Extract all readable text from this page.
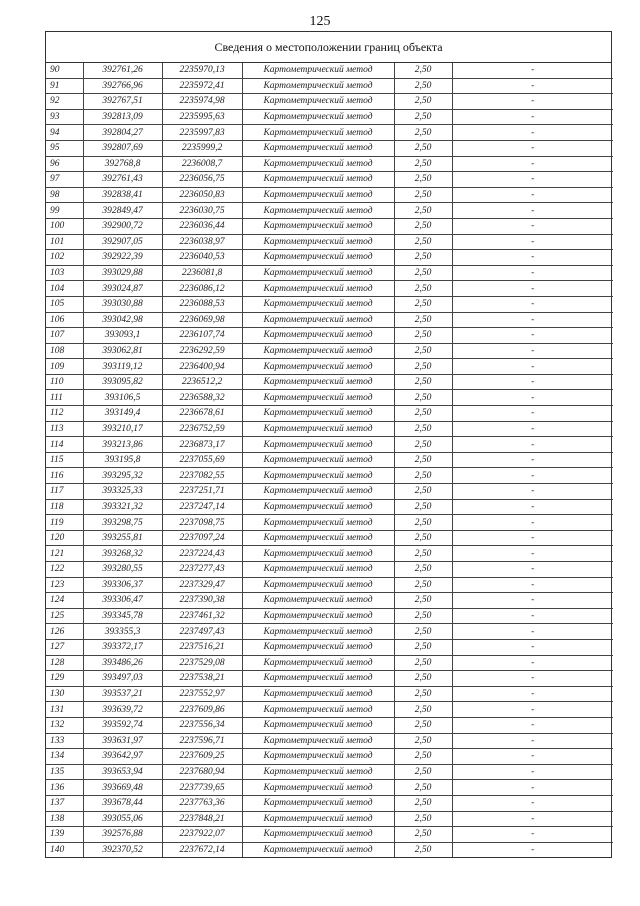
125
Сведения о местоположении границ объекта
90	392761,26	2235970,13	Картометрический метод	2,50	-
91	392766,96	2235972,41	Картометрический метод	2,50	-
92	392767,51	2235974,98	Картометрический метод	2,50	-
93	392813,09	2235995,63	Картометрический метод	2,50	-
94	392804,27	2235997,83	Картометрический метод	2,50	-
95	392807,69	2235999,2	Картометрический метод	2,50	-
96	392768,8	2236008,7	Картометрический метод	2,50	-
97	392761,43	2236056,75	Картометрический метод	2,50	-
98	392838,41	2236050,83	Картометрический метод	2,50	-
99	392849,47	2236030,75	Картометрический метод	2,50	-
100	392900,72	2236036,44	Картометрический метод	2,50	-
101	392907,05	2236038,97	Картометрический метод	2,50	-
102	392922,39	2236040,53	Картометрический метод	2,50	-
103	393029,88	2236081,8	Картометрический метод	2,50	-
104	393024,87	2236086,12	Картометрический метод	2,50	-
105	393030,88	2236088,53	Картометрический метод	2,50	-
106	393042,98	2236069,98	Картометрический метод	2,50	-
107	393093,1	2236107,74	Картометрический метод	2,50	-
108	393062,81	2236292,59	Картометрический метод	2,50	-
109	393119,12	2236400,94	Картометрический метод	2,50	-
110	393095,82	2236512,2	Картометрический метод	2,50	-
111	393106,5	2236588,32	Картометрический метод	2,50	-
112	393149,4	2236678,61	Картометрический метод	2,50	-
113	393210,17	2236752,59	Картометрический метод	2,50	-
114	393213,86	2236873,17	Картометрический метод	2,50	-
115	393195,8	2237055,69	Картометрический метод	2,50	-
116	393295,32	2237082,55	Картометрический метод	2,50	-
117	393325,33	2237251,71	Картометрический метод	2,50	-
118	393321,32	2237247,14	Картометрический метод	2,50	-
119	393298,75	2237098,75	Картометрический метод	2,50	-
120	393255,81	2237097,24	Картометрический метод	2,50	-
121	393268,32	2237224,43	Картометрический метод	2,50	-
122	393280,55	2237277,43	Картометрический метод	2,50	-
123	393306,37	2237329,47	Картометрический метод	2,50	-
124	393306,47	2237390,38	Картометрический метод	2,50	-
125	393345,78	2237461,32	Картометрический метод	2,50	-
126	393355,3	2237497,43	Картометрический метод	2,50	-
127	393372,17	2237516,21	Картометрический метод	2,50	-
128	393486,26	2237529,08	Картометрический метод	2,50	-
129	393497,03	2237538,21	Картометрический метод	2,50	-
130	393537,21	2237552,97	Картометрический метод	2,50	-
131	393639,72	2237609,86	Картометрический метод	2,50	-
132	393592,74	2237556,34	Картометрический метод	2,50	-
133	393631,97	2237596,71	Картометрический метод	2,50	-
134	393642,97	2237609,25	Картометрический метод	2,50	-
135	393653,94	2237680,94	Картометрический метод	2,50	-
136	393669,48	2237739,65	Картометрический метод	2,50	-
137	393678,44	2237763,36	Картометрический метод	2,50	-
138	393055,06	2237848,21	Картометрический метод	2,50	-
139	392576,88	2237922,07	Картометрический метод	2,50	-
140	392370,52	2237672,14	Картометрический метод	2,50	-
